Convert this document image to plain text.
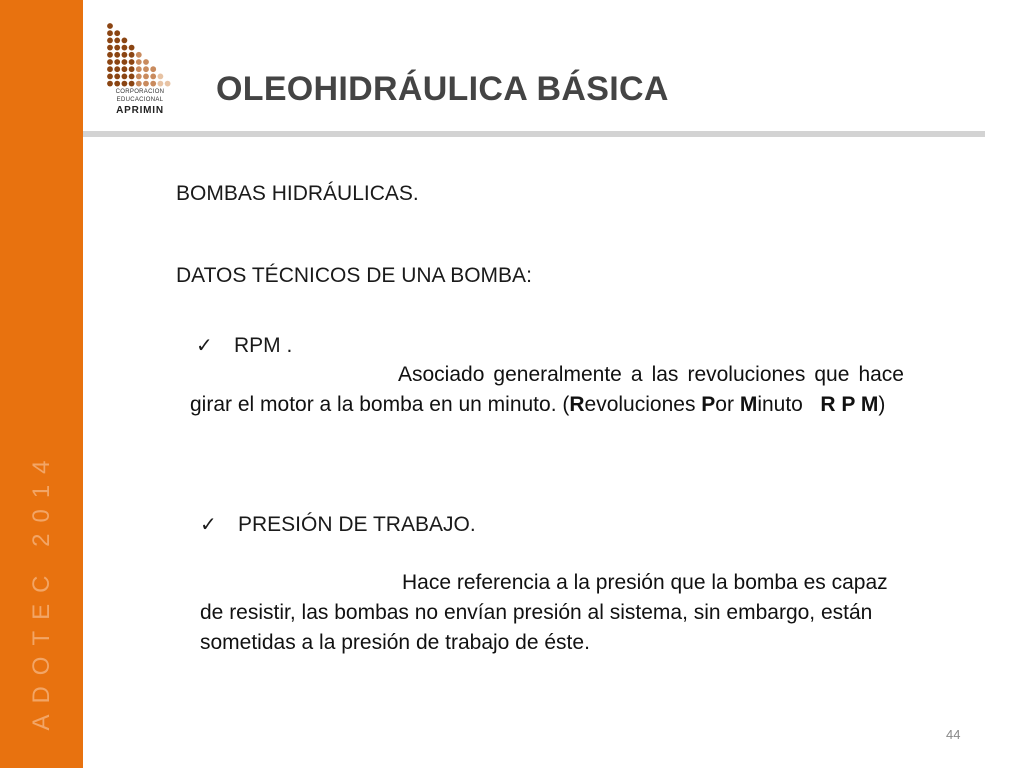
ADOTEC 2014
CORPORACION
EDUCACIONAL
APRIMIN
OLEOHIDRÁULICA BÁSICA
BOMBAS HIDRÁULICAS.
DATOS TÉCNICOS DE UNA BOMBA:
✓	RPM .
Asociado generalmente a las revoluciones que hace girar el motor a la bomba en un minuto. (Revoluciones Por Minuto   R P M)
✓	PRESIÓN DE TRABAJO.
Hace referencia a la presión que la bomba es capaz de resistir, las bombas no envían presión al sistema, sin embargo, están sometidas a la presión de trabajo de éste.
44
